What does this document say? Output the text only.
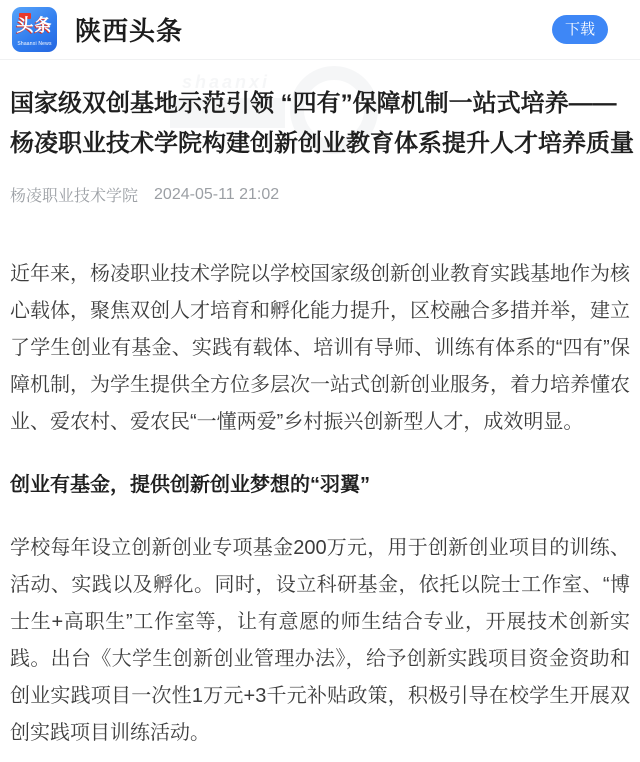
头条
Shaanxi News 陕西头条	下载
shaanxi
国家级双创基地示范引领 “四有”保障机制一站式培养——
杨凌职业技术学院构建创新创业教育体系提升人才培养质量
杨凌职业技术学院 2024-05-11 21:02

近年来，杨凌职业技术学院以学校国家级创新创业教育实践基地作为核心载体，聚焦双创人才培育和孵化能力提升，区校融合多措并举，建立了学生创业有基金、实践有载体、培训有导师、训练有体系的“四有”保障机制，为学生提供全方位多层次一站式创新创业服务，着力培养懂农业、爱农村、爱农民“一懂两爱”乡村振兴创新型人才，成效明显。

创业有基金，提供创新创业梦想的“羽翼”

学校每年设立创新创业专项基金200万元，用于创新创业项目的训练、活动、实践以及孵化。同时，设立科研基金，依托以院士工作室、“博士生+高职生”工作室等，让有意愿的师生结合专业，开展技术创新实践。出台《大学生创新创业管理办法》，给予创新实践项目资金资助和创业实践项目一次性1万元+3千元补贴政策，积极引导在校学生开展双创实践项目训练活动。
